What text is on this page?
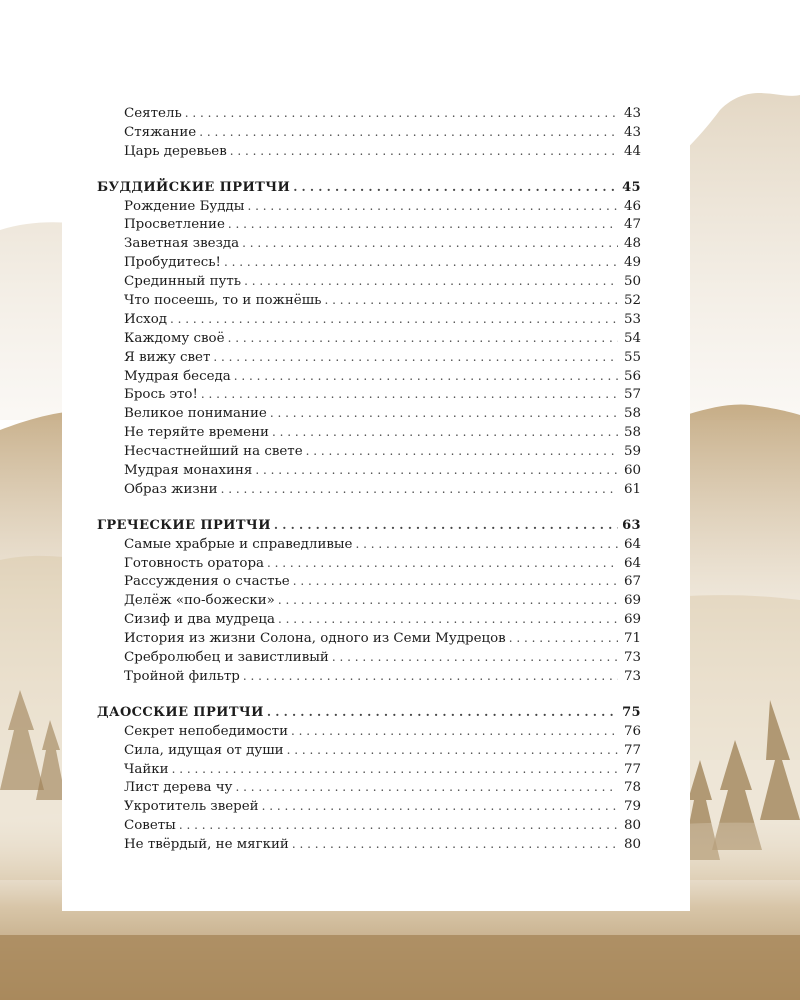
Сеятель . . .	43
Стяжание . . .	43
Царь деревьев . . .	44
БУДДИЙСКИЕ ПРИТЧИ . . .	45
Рождение Будды . . .	46
Просветление . . .	47
Заветная звезда . . .	48
Пробудитесь! . . .	49
Срединный путь . . .	50
Что посеешь, то и пожнёшь . . .	52
Исход . . .	53
Каждому своё . . .	54
Я вижу свет . . .	55
Мудрая беседа . . .	56
Брось это! . . .	57
Великое понимание . . .	58
Не теряйте времени . . .	58
Несчастнейший на свете . . .	59
Мудрая монахиня . . .	60
Образ жизни . . .	61
ГРЕЧЕСКИЕ ПРИТЧИ . . .	63
Самые храбрые и справедливые . . .	64
Готовность оратора . . .	64
Рассуждения о счастье . . .	67
Делёж «по-божески» . . .	69
Сизиф и два мудреца . . .	69
История из жизни Солона, одного из Семи Мудрецов . . .	71
Сребролюбец и завистливый . . .	73
Тройной фильтр . . .	73
ДАОССКИЕ ПРИТЧИ . . .	75
Секрет непобедимости . . .	76
Сила, идущая от души . . .	77
Чайки . . .	77
Лист дерева чу . . .	78
Укротитель зверей . . .	79
Советы . . .	80
Не твёрдый, не мягкий . . .	80
